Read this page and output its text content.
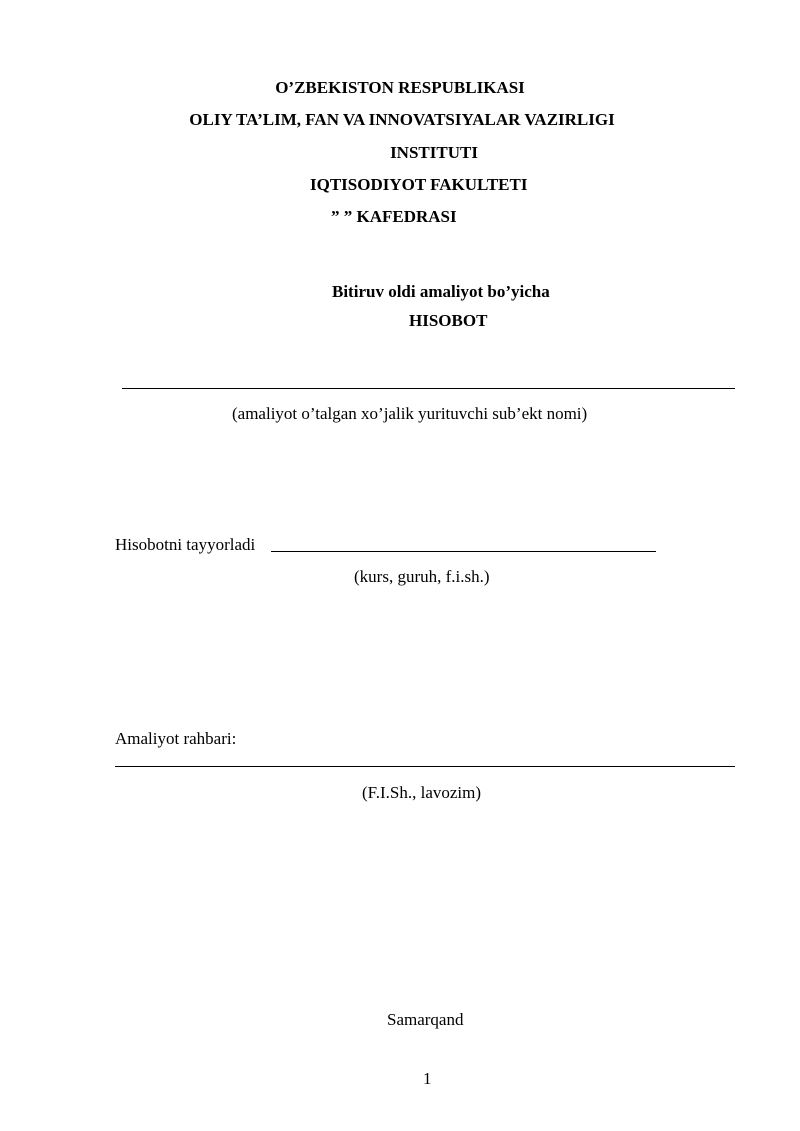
O’ZBEKISTON RESPUBLIKASI
OLIY TA’LIM, FAN VA INNOVATSIYALAR VAZIRLIGI
INSTITUTI
IQTISODIYOT FAKULTETI
” ” KAFEDRASI
Bitiruv oldi amaliyot bo’yicha
HISOBOT
(amaliyot o’talgan xo’jalik yurituvchi sub’ekt nomi)
Hisobotni tayyorladi
(kurs, guruh, f.i.sh.)
Amaliyot rahbari:
(F.I.Sh., lavozim)
Samarqand
1
